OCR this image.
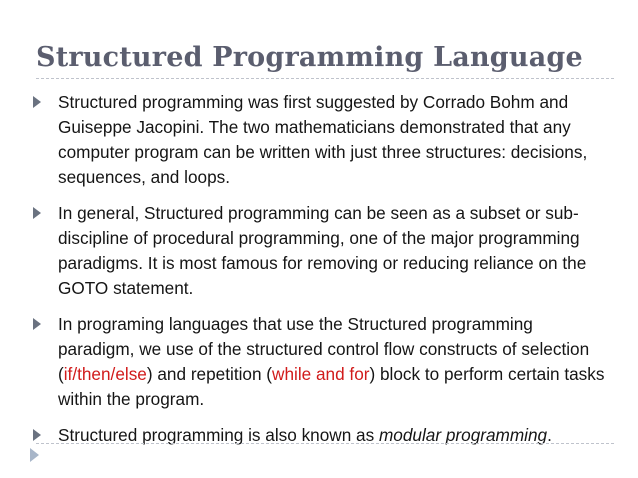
Structured Programming Language
Structured programming was first suggested by Corrado Bohm and Guiseppe Jacopini. The two mathematicians demonstrated that any computer program can be written with just three structures: decisions, sequences, and loops.
In general, Structured programming can be seen as a subset or sub-discipline of procedural programming, one of the major programming paradigms. It is most famous for removing or reducing reliance on the GOTO statement.
In programing languages that use the Structured programming paradigm, we use of the structured control flow constructs of selection (if/then/else) and repetition (while and for) block to perform certain tasks within the program.
Structured programming is also known as modular programming.
